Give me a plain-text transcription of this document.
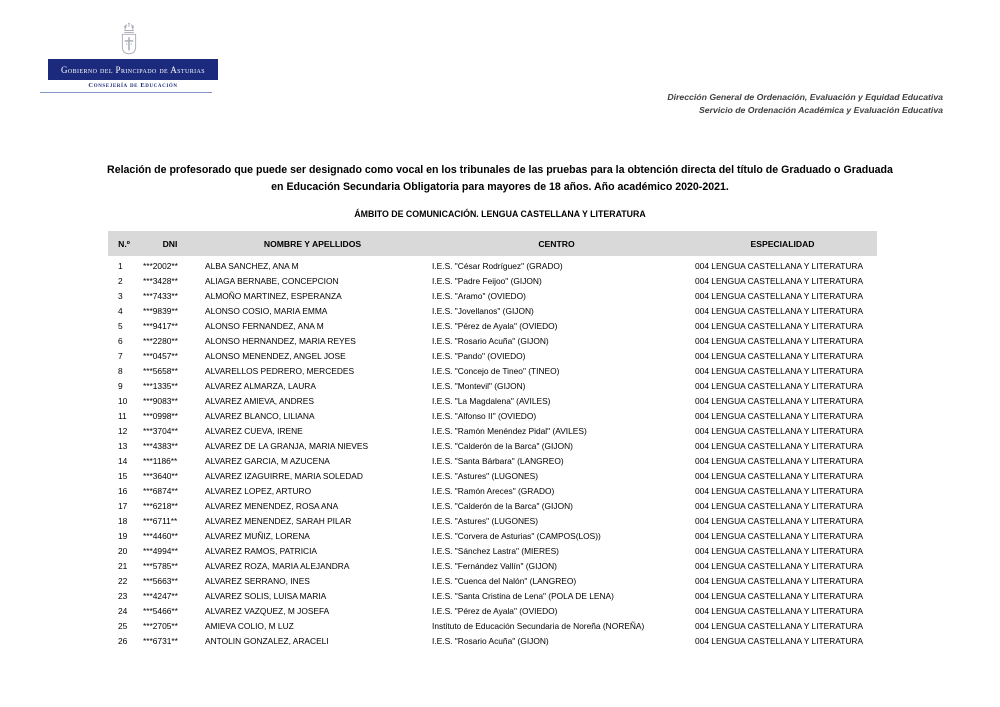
Gobierno del Principado de Asturias
Consejería de Educación
Dirección General de Ordenación, Evaluación y Equidad Educativa
Servicio de Ordenación Académica y Evaluación Educativa
Relación de profesorado que puede ser designado como vocal en los tribunales de las pruebas para la obtención directa del título de Graduado o Graduada
en Educación Secundaria Obligatoria para mayores de 18 años. Año académico 2020-2021.
ÁMBITO DE COMUNICACIÓN. LENGUA CASTELLANA Y LITERATURA
N.º	DNI	NOMBRE Y APELLIDOS	CENTRO	ESPECIALIDAD
1	***2002**	ALBA SANCHEZ, ANA M	I.E.S. "César Rodríguez" (GRADO)	004 LENGUA CASTELLANA Y LITERATURA
2	***3428**	ALIAGA BERNABE, CONCEPCION	I.E.S. "Padre Feijoo" (GIJON)	004 LENGUA CASTELLANA Y LITERATURA
3	***7433**	ALMOÑO MARTINEZ, ESPERANZA	I.E.S. "Aramo" (OVIEDO)	004 LENGUA CASTELLANA Y LITERATURA
4	***9839**	ALONSO COSIO, MARIA EMMA	I.E.S. "Jovellanos" (GIJON)	004 LENGUA CASTELLANA Y LITERATURA
5	***9417**	ALONSO FERNANDEZ, ANA M	I.E.S. "Pérez de Ayala" (OVIEDO)	004 LENGUA CASTELLANA Y LITERATURA
6	***2280**	ALONSO HERNANDEZ, MARIA REYES	I.E.S. "Rosario Acuña" (GIJON)	004 LENGUA CASTELLANA Y LITERATURA
7	***0457**	ALONSO MENENDEZ, ANGEL JOSE	I.E.S. "Pando" (OVIEDO)	004 LENGUA CASTELLANA Y LITERATURA
8	***5658**	ALVARELLOS PEDRERO, MERCEDES	I.E.S. "Concejo de Tineo" (TINEO)	004 LENGUA CASTELLANA Y LITERATURA
9	***1335**	ALVAREZ ALMARZA, LAURA	I.E.S. "Montevil" (GIJON)	004 LENGUA CASTELLANA Y LITERATURA
10	***9083**	ALVAREZ AMIEVA, ANDRES	I.E.S. "La Magdalena" (AVILES)	004 LENGUA CASTELLANA Y LITERATURA
11	***0998**	ALVAREZ BLANCO, LILIANA	I.E.S. "Alfonso II" (OVIEDO)	004 LENGUA CASTELLANA Y LITERATURA
12	***3704**	ALVAREZ CUEVA, IRENE	I.E.S. "Ramón Menéndez Pidal" (AVILES)	004 LENGUA CASTELLANA Y LITERATURA
13	***4383**	ALVAREZ DE LA GRANJA, MARIA NIEVES	I.E.S. "Calderón de la Barca" (GIJON)	004 LENGUA CASTELLANA Y LITERATURA
14	***1186**	ALVAREZ GARCIA, M AZUCENA	I.E.S. "Santa Bárbara" (LANGREO)	004 LENGUA CASTELLANA Y LITERATURA
15	***3640**	ALVAREZ IZAGUIRRE, MARIA SOLEDAD	I.E.S. "Astures" (LUGONES)	004 LENGUA CASTELLANA Y LITERATURA
16	***6874**	ALVAREZ LOPEZ, ARTURO	I.E.S. "Ramón Areces" (GRADO)	004 LENGUA CASTELLANA Y LITERATURA
17	***6218**	ALVAREZ MENENDEZ, ROSA ANA	I.E.S. "Calderón de la Barca" (GIJON)	004 LENGUA CASTELLANA Y LITERATURA
18	***6711**	ALVAREZ MENENDEZ, SARAH PILAR	I.E.S. "Astures" (LUGONES)	004 LENGUA CASTELLANA Y LITERATURA
19	***4460**	ALVAREZ MUÑIZ, LORENA	I.E.S. "Corvera de Asturias" (CAMPOS(LOS))	004 LENGUA CASTELLANA Y LITERATURA
20	***4994**	ALVAREZ RAMOS, PATRICIA	I.E.S. "Sánchez Lastra" (MIERES)	004 LENGUA CASTELLANA Y LITERATURA
21	***5785**	ALVAREZ ROZA, MARIA ALEJANDRA	I.E.S. "Fernández Vallín" (GIJON)	004 LENGUA CASTELLANA Y LITERATURA
22	***5663**	ALVAREZ SERRANO, INES	I.E.S. "Cuenca del Nalón" (LANGREO)	004 LENGUA CASTELLANA Y LITERATURA
23	***4247**	ALVAREZ SOLIS, LUISA MARIA	I.E.S. "Santa Cristina de Lena" (POLA DE LENA)	004 LENGUA CASTELLANA Y LITERATURA
24	***5466**	ALVAREZ VAZQUEZ, M JOSEFA	I.E.S. "Pérez de Ayala" (OVIEDO)	004 LENGUA CASTELLANA Y LITERATURA
25	***2705**	AMIEVA COLIO, M LUZ	Instituto de Educación Secundaria de Noreña (NOREÑA)	004 LENGUA CASTELLANA Y LITERATURA
26	***6731**	ANTOLIN GONZALEZ, ARACELI	I.E.S. "Rosario Acuña" (GIJON)	004 LENGUA CASTELLANA Y LITERATURA
